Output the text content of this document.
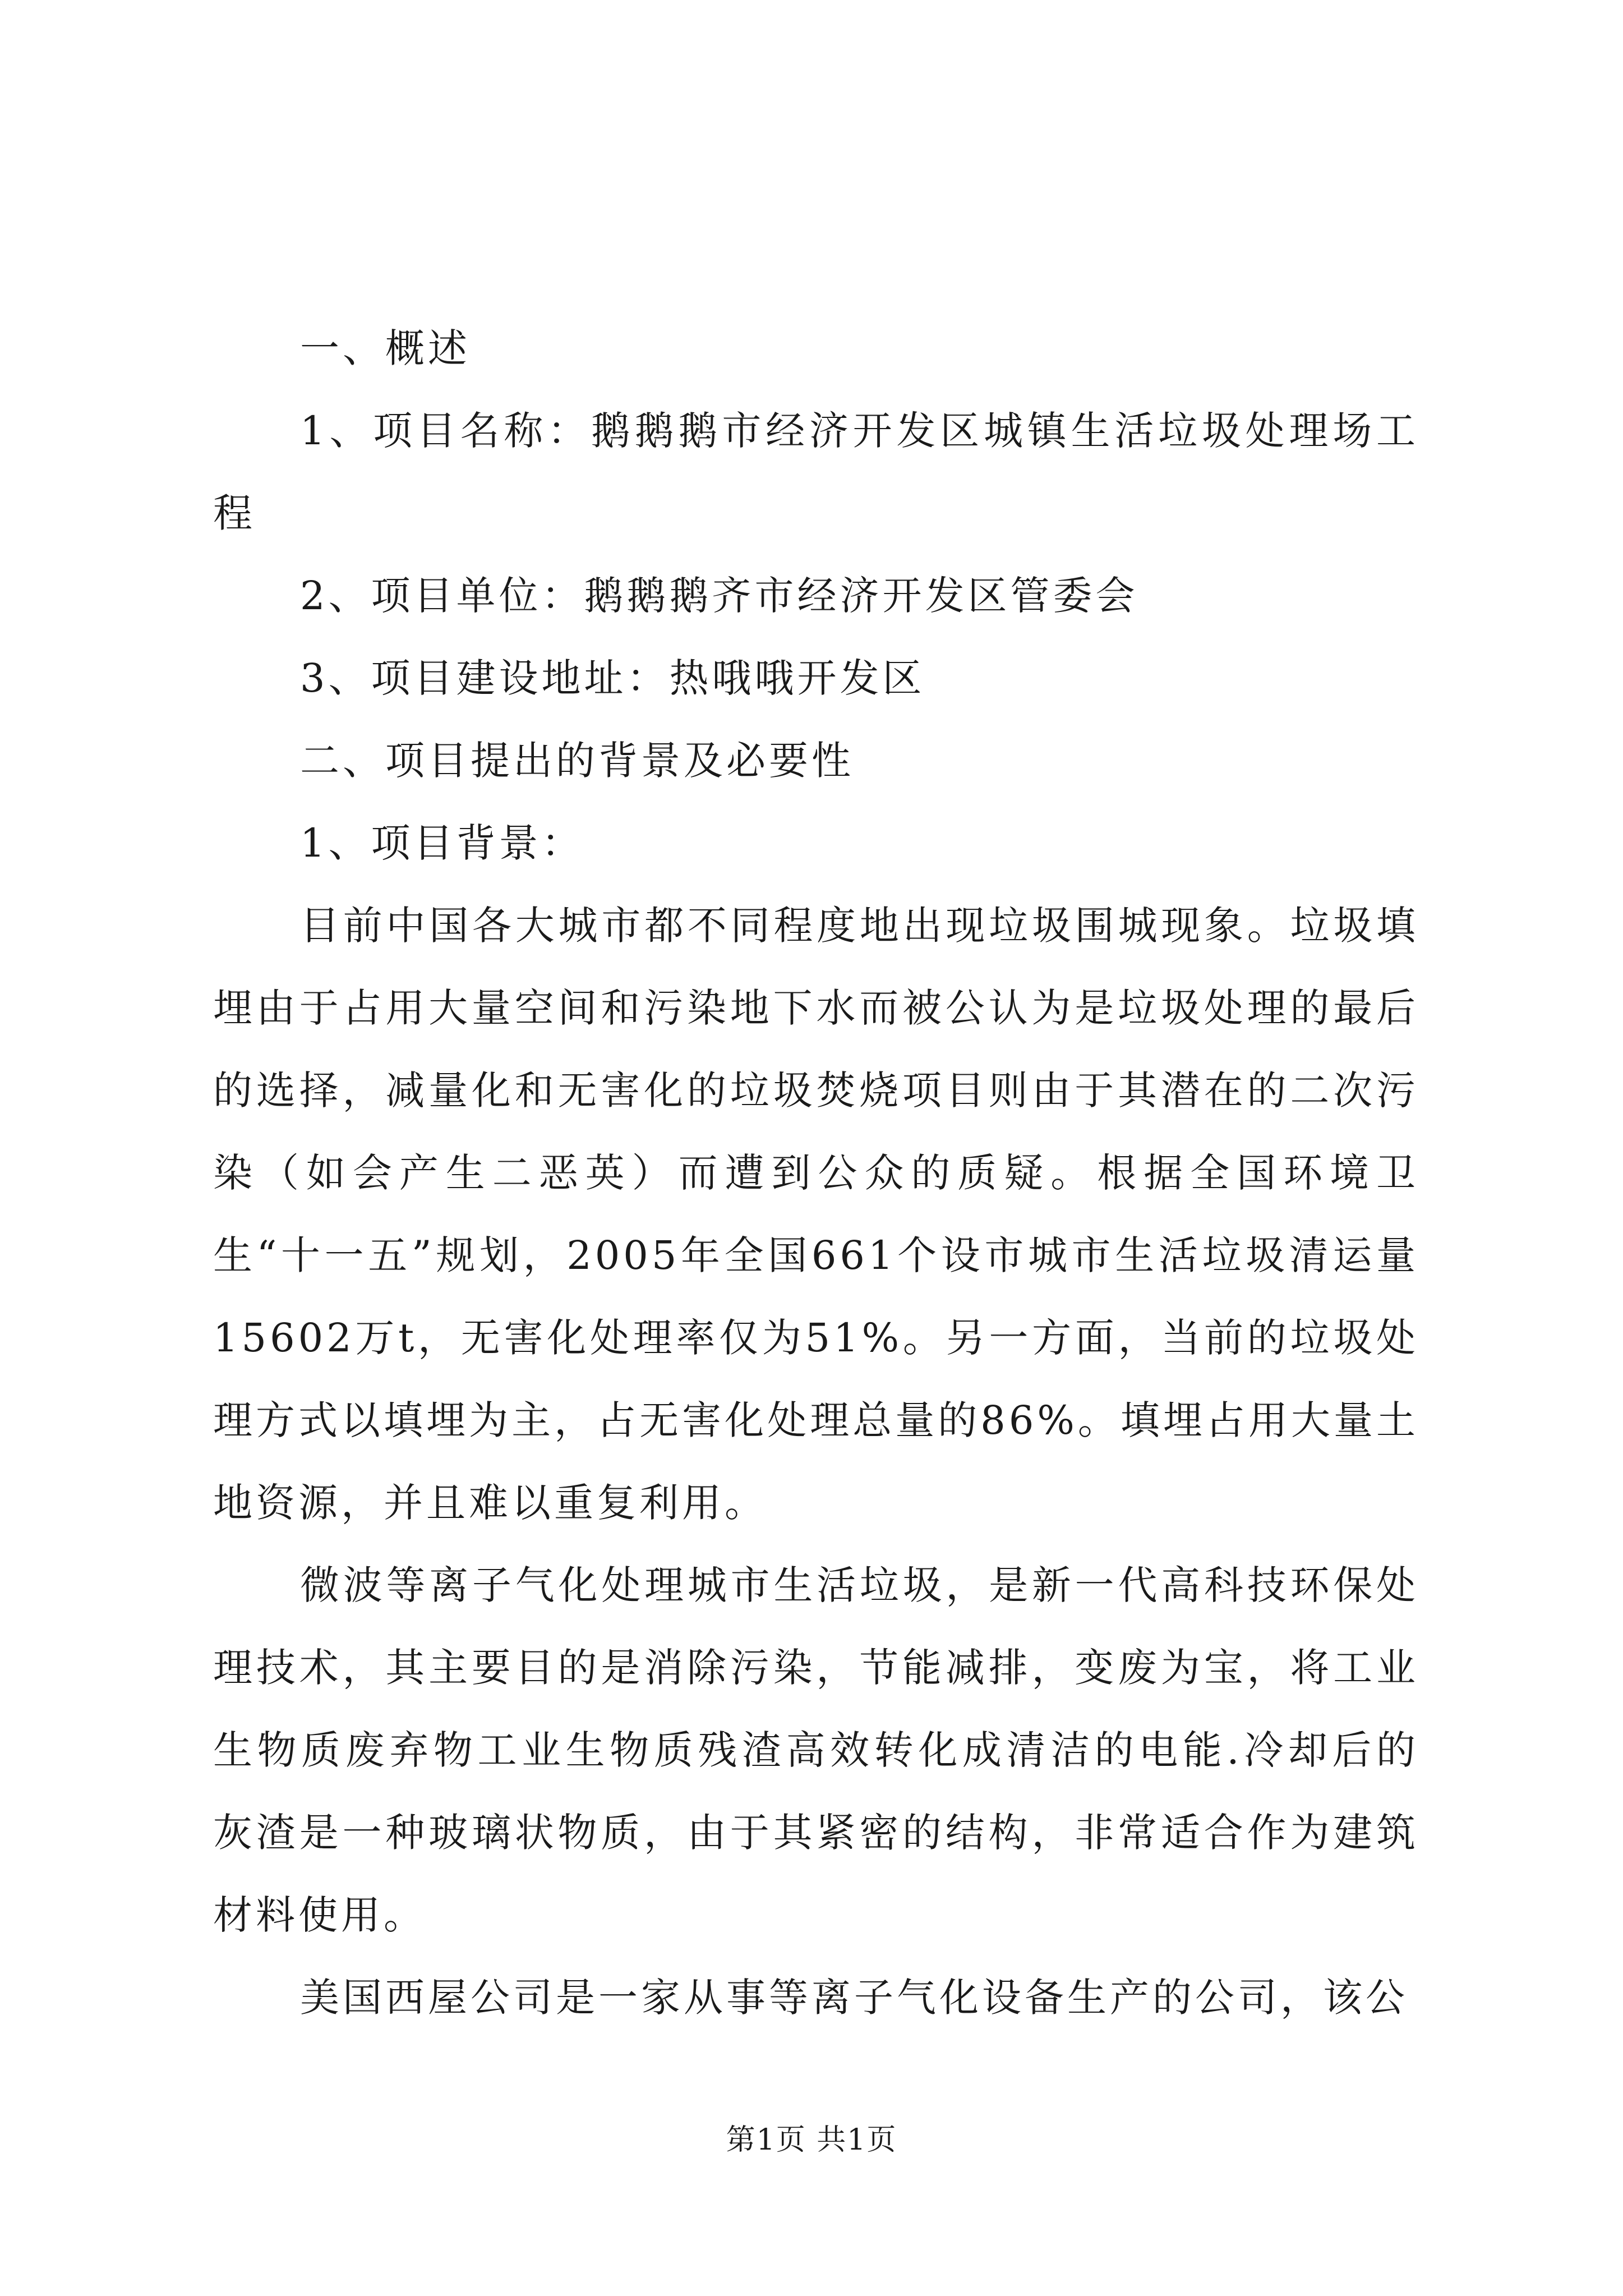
一、概述

1、项目名称：鹅鹅鹅市经济开发区城镇生活垃圾处理场工程

2、项目单位：鹅鹅鹅齐市经济开发区管委会

3、项目建设地址：热哦哦开发区

二、项目提出的背景及必要性

1、项目背景：

目前中国各大城市都不同程度地出现垃圾围城现象。垃圾填埋由于占用大量空间和污染地下水而被公认为是垃圾处理的最后的选择，减量化和无害化的垃圾焚烧项目则由于其潜在的二次污染（如会产生二恶英）而遭到公众的质疑。根据全国环境卫生“十一五”规划，2005年全国661个设市城市生活垃圾清运量15602万t，无害化处理率仅为51%。另一方面，当前的垃圾处理方式以填埋为主，占无害化处理总量的86%。填埋占用大量土地资源，并且难以重复利用。

微波等离子气化处理城市生活垃圾，是新一代高科技环保处理技术，其主要目的是消除污染，节能减排，变废为宝，将工业生物质废弃物工业生物质残渣高效转化成清洁的电能.冷却后的灰渣是一种玻璃状物质，由于其紧密的结构，非常适合作为建筑材料使用。

美国西屋公司是一家从事等离子气化设备生产的公司，该公

第1页 共1页
